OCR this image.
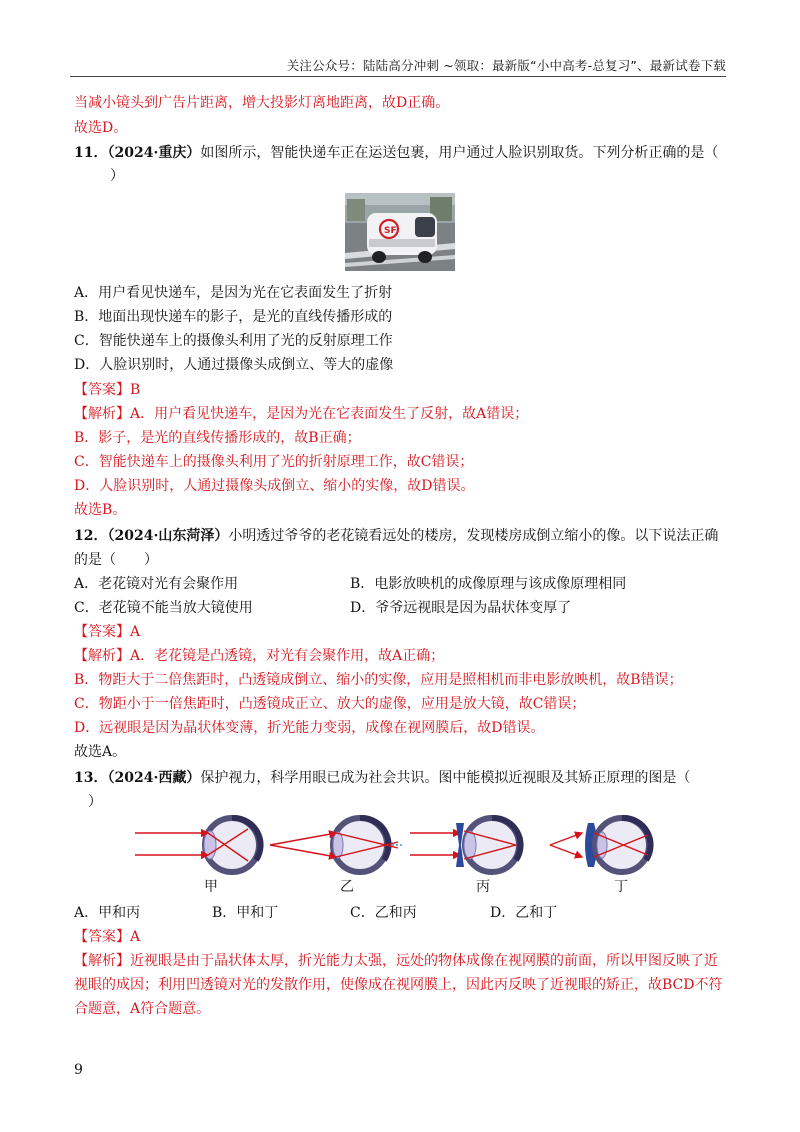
关注公众号：陆陆高分冲刺 ~领取：最新版“小中高考-总复习”、最新试卷下载
当减小镜头到广告片距离，增大投影灯离地距离，故D正确。
故选D。
11．（2024·重庆）如图所示，智能快递车正在运送包裹，用户通过人脸识别取货。下列分析正确的是（
）
SF
A．用户看见快递车，是因为光在它表面发生了折射
B．地面出现快递车的影子，是光的直线传播形成的
C．智能快递车上的摄像头利用了光的反射原理工作
D．人脸识别时，人通过摄像头成倒立、等大的虚像
【答案】B
【解析】A．用户看见快递车，是因为光在它表面发生了反射，故A错误；
B．影子，是光的直线传播形成的，故B正确；
C．智能快递车上的摄像头利用了光的折射原理工作，故C错误；
D．人脸识别时，人通过摄像头成倒立、缩小的实像，故D错误。
故选B。
12．（2024·山东菏泽）小明透过爷爷的老花镜看远处的楼房，发现楼房成倒立缩小的像。以下说法正确
的是（　　）
A．老花镜对光有会聚作用	B．电影放映机的成像原理与该成像原理相同
C．老花镜不能当放大镜使用	D．爷爷远视眼是因为晶状体变厚了
【答案】A
【解析】A．老花镜是凸透镜，对光有会聚作用，故A正确；
B．物距大于二倍焦距时，凸透镜成倒立、缩小的实像，应用是照相机而非电影放映机，故B错误；
C．物距小于一倍焦距时，凸透镜成正立、放大的虚像，应用是放大镜，故C错误；
D．远视眼是因为晶状体变薄，折光能力变弱，成像在视网膜后，故D错误。
故选A。
13．（2024·西藏）保护视力，科学用眼已成为社会共识。图中能模拟近视眼及其矫正原理的图是（
）
甲	乙	丙	丁
A．甲和丙	B．甲和丁	C．乙和丙	D．乙和丁
【答案】A
【解析】近视眼是由于晶状体太厚，折光能力太强，远处的物体成像在视网膜的前面，所以甲图反映了近
视眼的成因；利用凹透镜对光的发散作用，使像成在视网膜上，因此丙反映了近视眼的矫正，故BCD不符
合题意，A符合题意。
9
